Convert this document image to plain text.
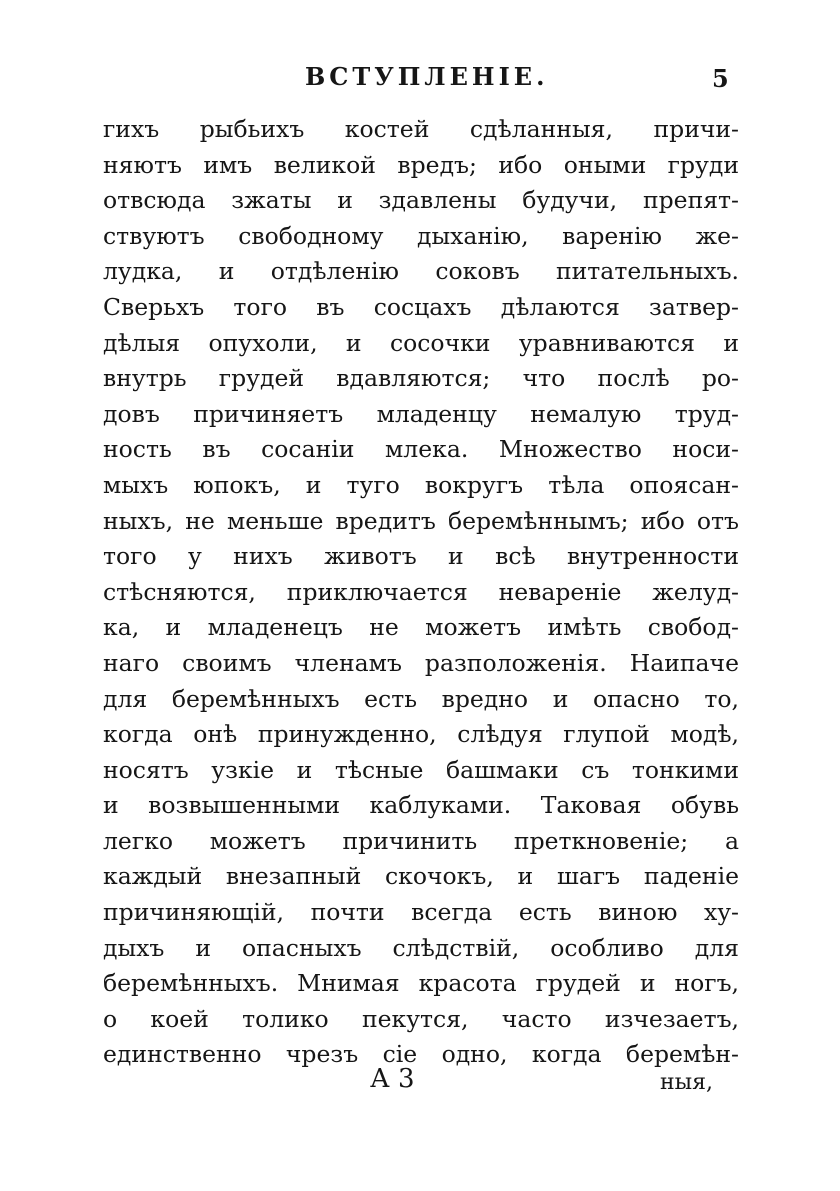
ВСТУПЛЕНІЕ.	5
гихъ рыбьихъ костей сдѣланныя, причи-
няютъ имъ великой вредъ; ибо оными груди
отвсюда зжаты и здавлены будучи, препят-
ствуютъ свободному дыханію, варенію же-
лудка, и отдѣленію соковъ питательныхъ.
Сверьхъ того въ сосцахъ дѣлаются затвер-
дѣлыя опухоли, и сосочки уравниваются и
внутрь грудей вдавляются; что послѣ ро-
довъ причиняетъ младенцу немалую труд-
ность въ сосаніи млека. Множество носи-
мыхъ юпокъ, и туго вокругъ тѣла опоясан-
ныхъ, не меньше вредитъ беремѣннымъ; ибо отъ
того у нихъ животъ и всѣ внутренности
стѣсняются, приключается невареніе желуд-
ка, и младенецъ не можетъ имѣть свобод-
наго своимъ членамъ разположенія. Наипаче
для беремѣнныхъ есть вредно и опасно то,
когда онѣ принужденно, слѣдуя глупой модѣ,
носятъ узкіе и тѣсные башмаки съ тонкими
и возвышенными каблуками. Таковая обувь
легко можетъ причинить преткновеніе; а
каждый внезапный скочокъ, и шагъ паденіе
причиняющій, почти всегда есть виною ху-
дыхъ и опасныхъ слѣдствій, особливо для
беремѣнныхъ. Мнимая красота грудей и ногъ,
о коей толико пекутся, часто изчезаетъ,
единственно чрезъ сіе одно, когда беремѣн-
А 3	ныя,
